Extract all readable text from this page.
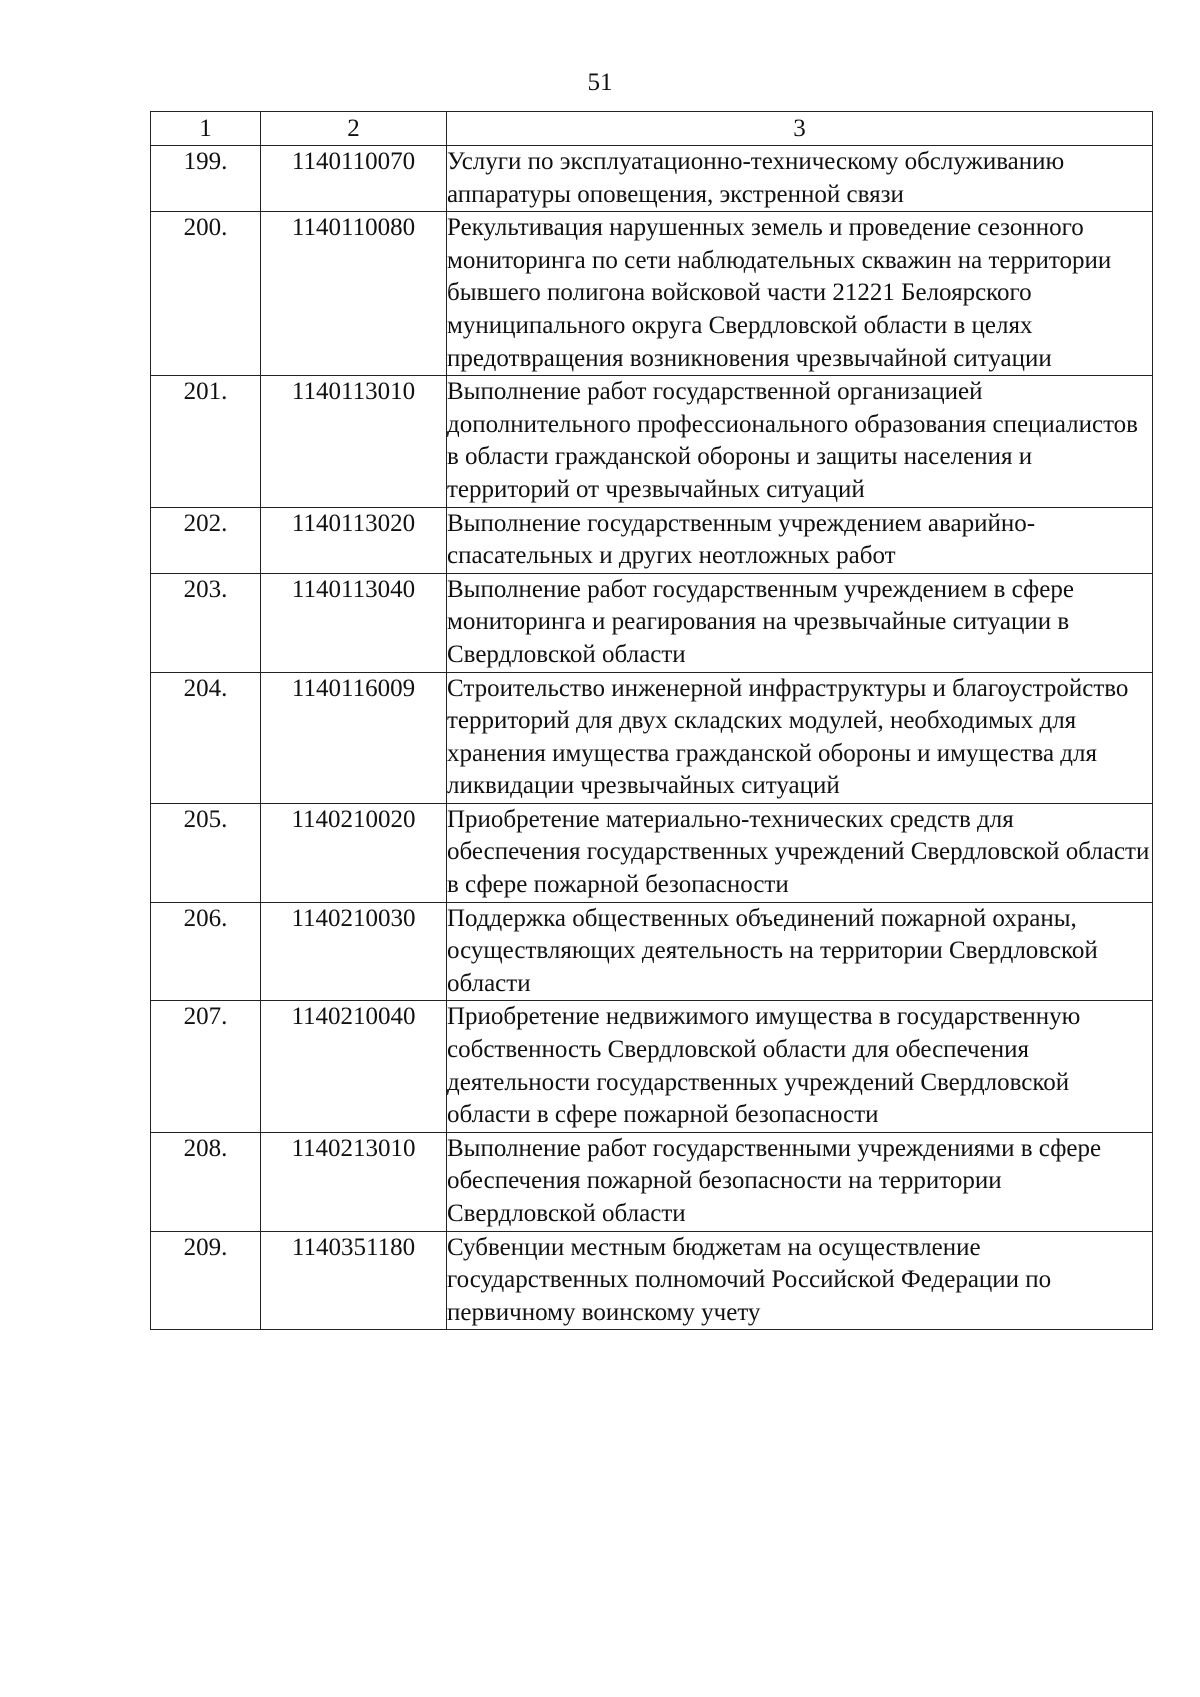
51
1	2	3
199.	1140110070	Услуги по эксплуатационно-техническому обслуживанию аппаратуры оповещения, экстренной связи
200.	1140110080	Рекультивация нарушенных земель и проведение сезонного мониторинга по сети наблюдательных скважин на территории бывшего полигона войсковой части 21221 Белоярского муниципального округа Свердловской области в целях предотвращения возникновения чрезвычайной ситуации
201.	1140113010	Выполнение работ государственной организацией дополнительного профессионального образования специалистов в области гражданской обороны и защиты населения и территорий от чрезвычайных ситуаций
202.	1140113020	Выполнение государственным учреждением аварийно-спасательных и других неотложных работ
203.	1140113040	Выполнение работ государственным учреждением в сфере мониторинга и реагирования на чрезвычайные ситуации в Свердловской области
204.	1140116009	Строительство инженерной инфраструктуры и благоустройство территорий для двух складских модулей, необходимых для хранения имущества гражданской обороны и имущества для ликвидации чрезвычайных ситуаций
205.	1140210020	Приобретение материально-технических средств для обеспечения государственных учреждений Свердловской области в сфере пожарной безопасности
206.	1140210030	Поддержка общественных объединений пожарной охраны, осуществляющих деятельность на территории Свердловской области
207.	1140210040	Приобретение недвижимого имущества в государственную собственность Свердловской области для обеспечения деятельности государственных учреждений Свердловской области в сфере пожарной безопасности
208.	1140213010	Выполнение работ государственными учреждениями в сфере обеспечения пожарной безопасности на территории Свердловской области
209.	1140351180	Субвенции местным бюджетам на осуществление государственных полномочий Российской Федерации по первичному воинскому учету
